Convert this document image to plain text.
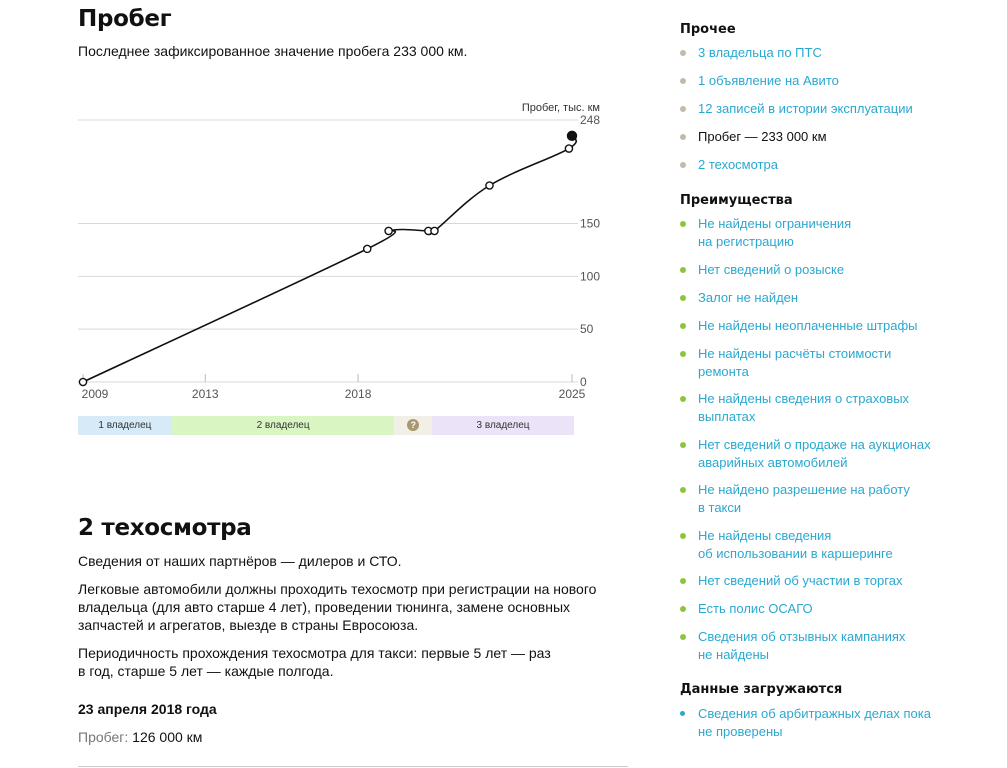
Пробег

Последнее зафиксированное значение пробега 233 000 км.

248
150
100
50
0
Пробег, тыс. км
2009	2013	2018	2025
1 владелец	2 владелец	?	3 владелец
2 техосмотра

Сведения от наших партнёров — дилеров и СТО.

Легковые автомобили должны проходить техосмотр при регистрации на нового
владельца (для авто старше 4 лет), проведении тюнинга, замене основных
запчастей и агрегатов, выезде в страны Евросоюза.

Периодичность прохождения техосмотра для такси: первые 5 лет — раз
в год, старше 5 лет — каждые полгода.

23 апреля 2018 года
Пробег: 126 000 км
Прочее
Преимущества
Данные загружаются
3 владельца по ПТС
1 объявление на Авито
12 записей в истории эксплуатации
Пробег — 233 000 км
2 техосмотра
Не найдены ограничения
на регистрацию
Нет сведений о розыске
Залог не найден
Не найдены неоплаченные штрафы
Не найдены расчёты стоимости
ремонта
Не найдены сведения о страховых
выплатах
Нет сведений о продаже на аукционах
аварийных автомобилей
Не найдено разрешение на работу
в такси
Не найдены сведения
об использовании в каршеринге
Нет сведений об участии в торгах
Есть полис ОСАГО
Сведения об отзывных кампаниях
не найдены
Сведения об арбитражных делах пока
не проверены
